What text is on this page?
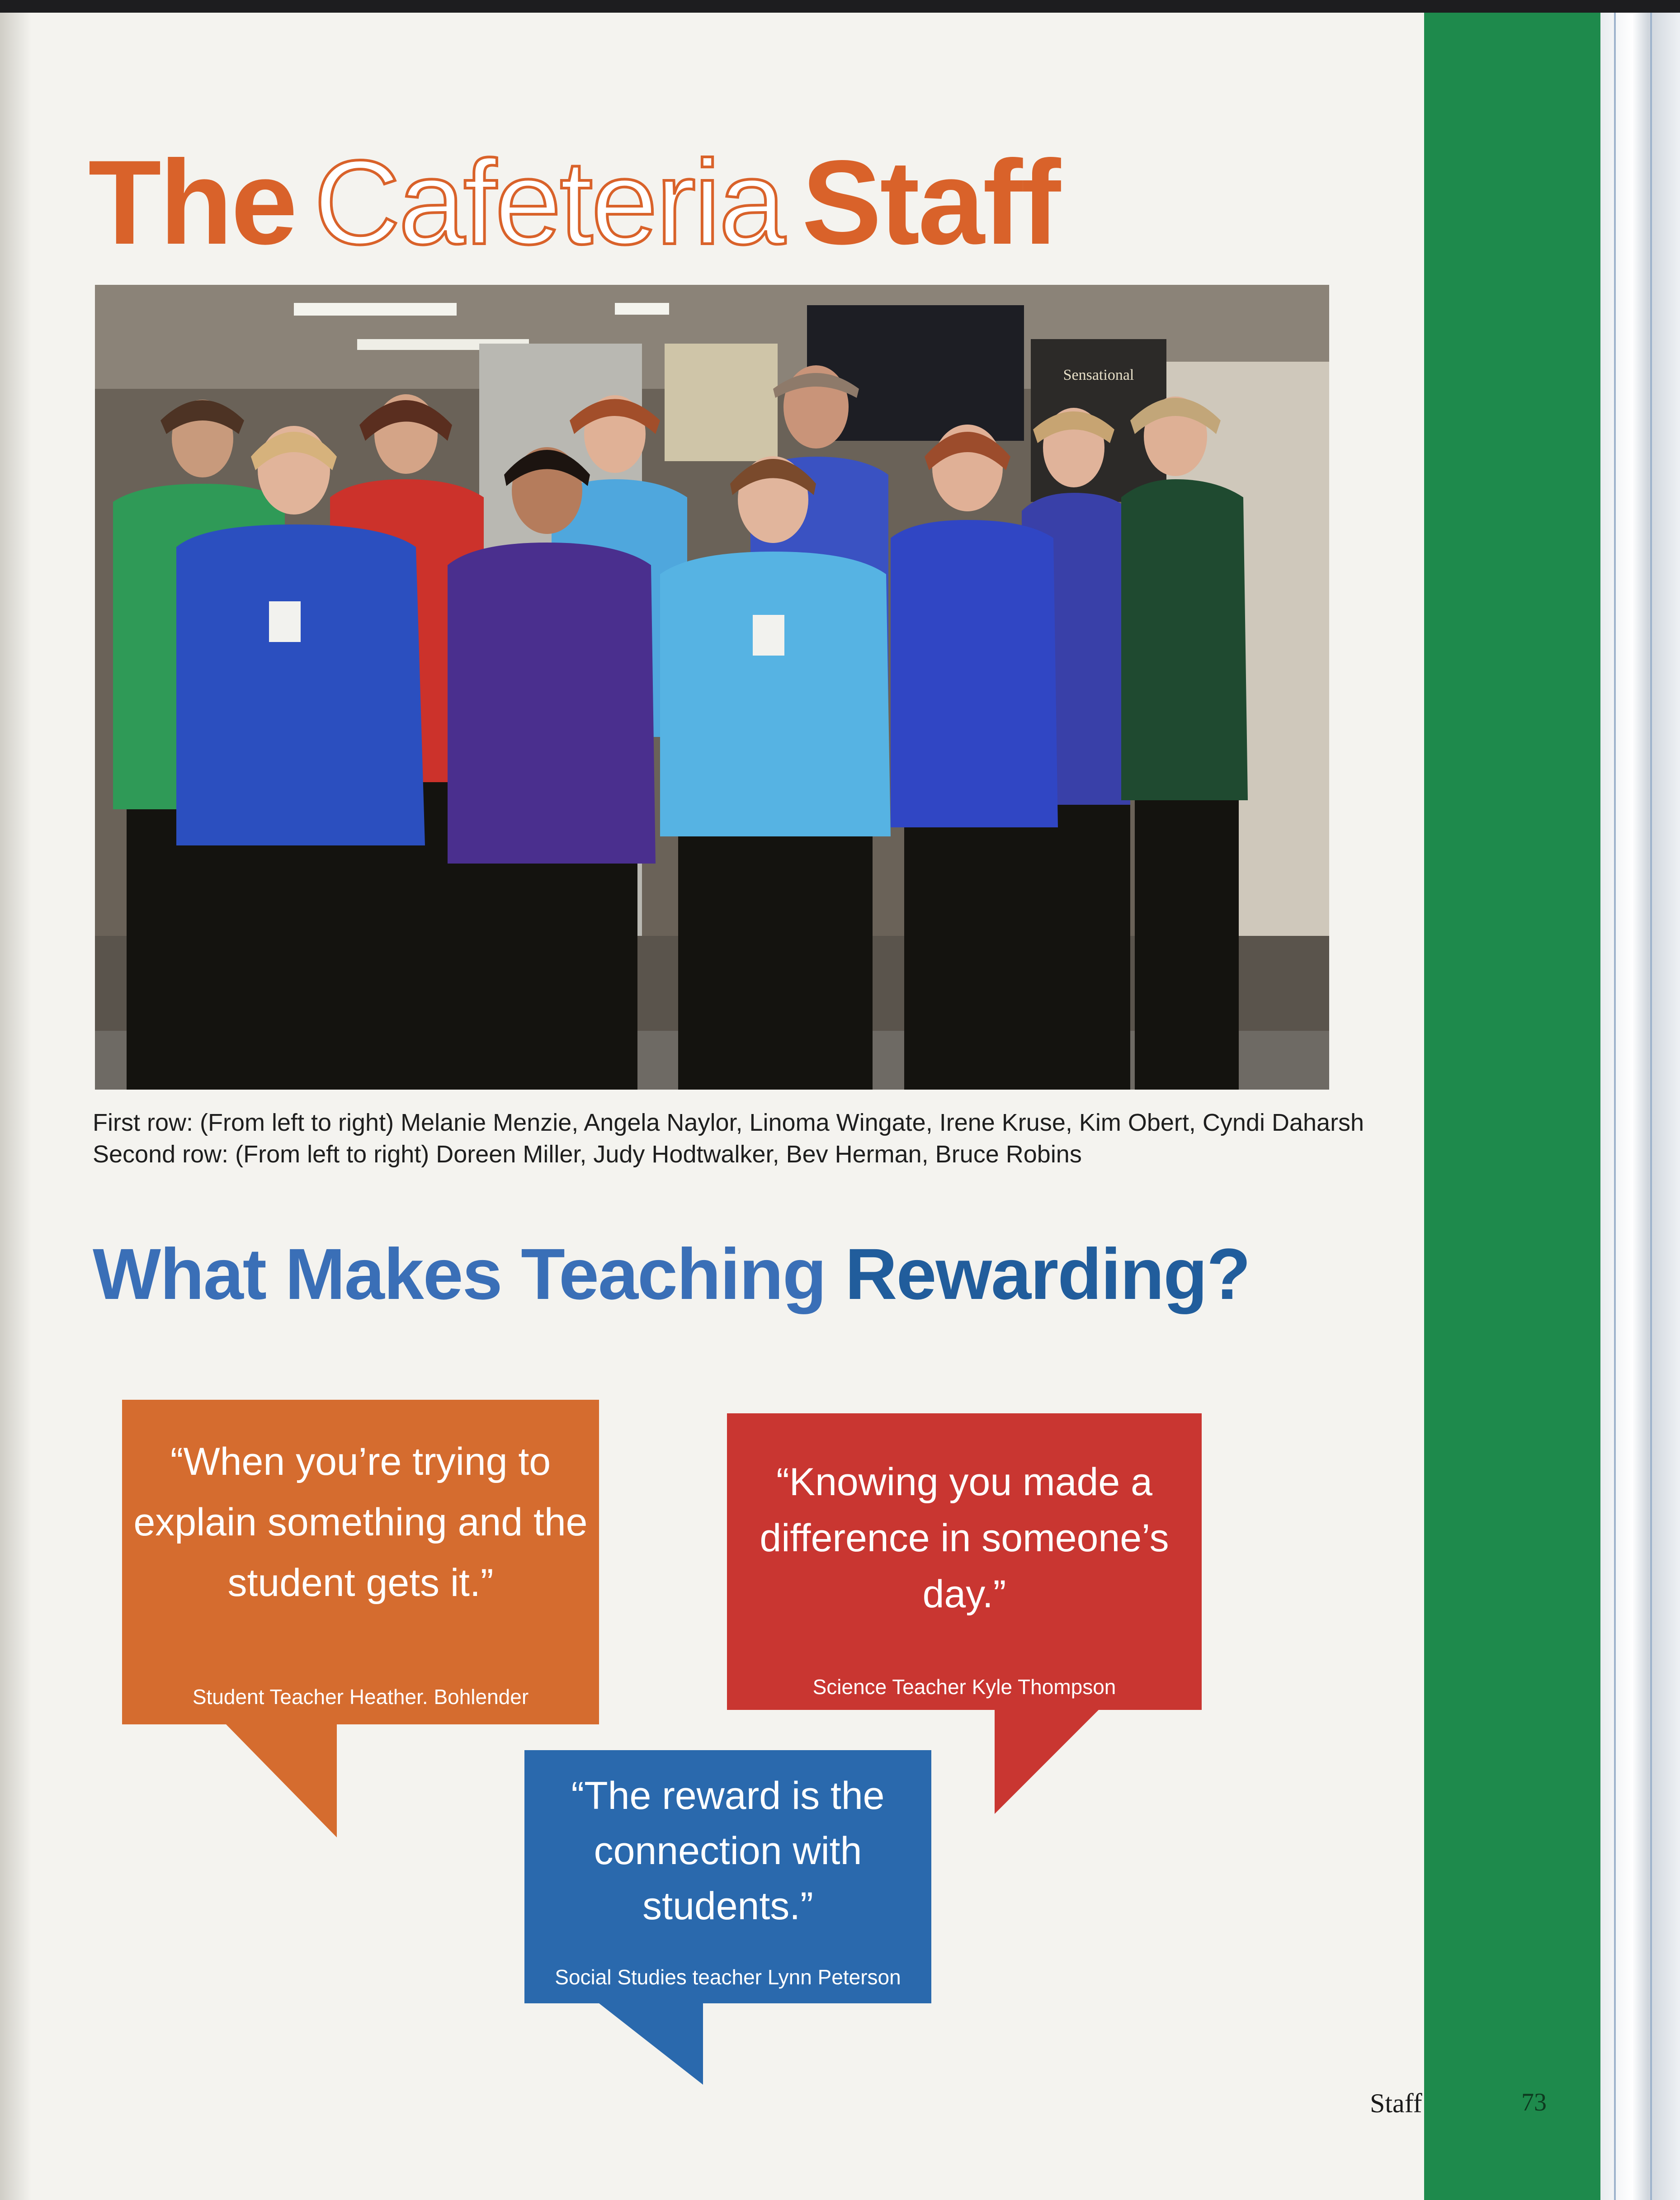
The Cafeteria Staff
Sensational
First row: (From left to right) Melanie Menzie, Angela Naylor, Linoma Wingate, Irene Kruse, Kim Obert, Cyndi Daharsh
Second row: (From left to right) Doreen Miller, Judy Hodtwalker, Bev Herman, Bruce Robins
What Makes Teaching Rewarding?
“When you’re trying to explain something and the student gets it.”
Student Teacher Heather. Bohlender
“Knowing you made a difference in someone’s day.”
Science Teacher Kyle Thompson
“The reward is the connection with students.”
Social Studies teacher Lynn Peterson
Staff	73
